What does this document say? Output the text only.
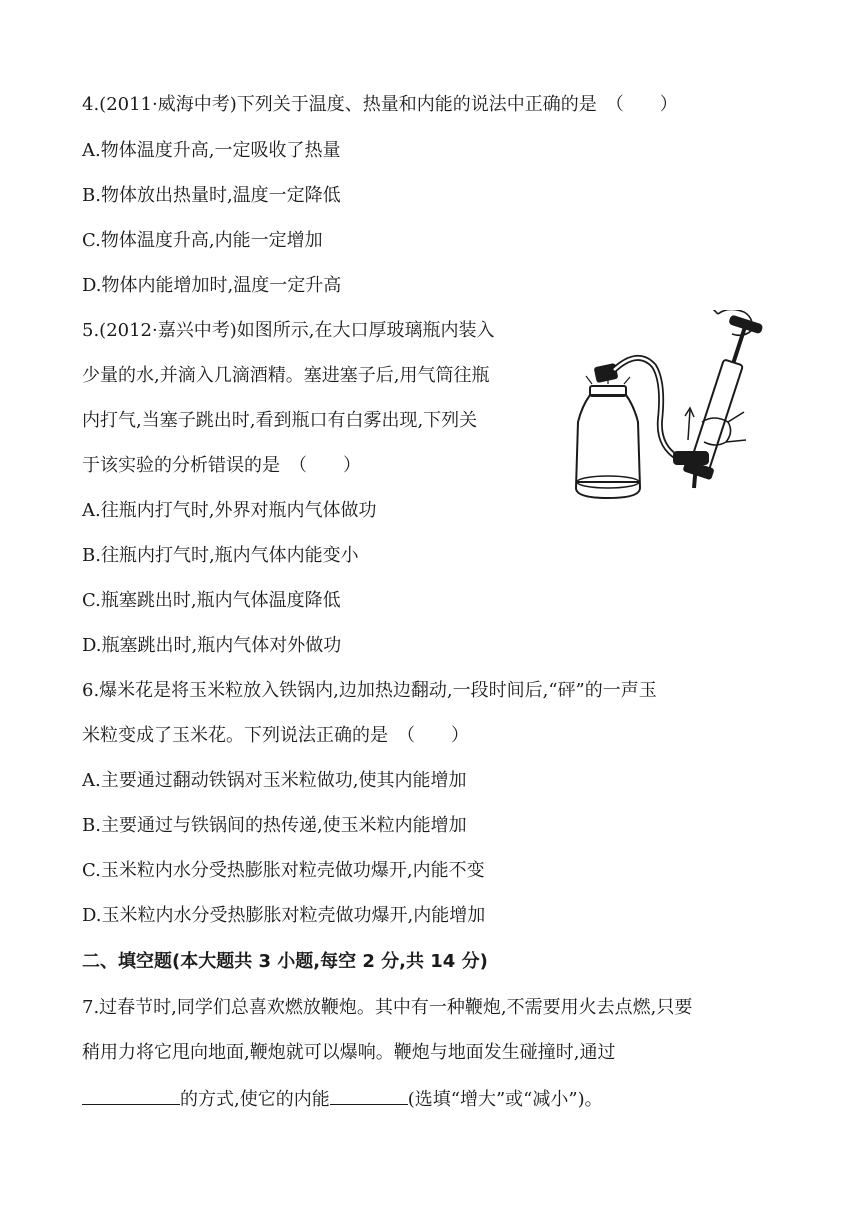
4.(2011·威海中考)下列关于温度、热量和内能的说法中正确的是　（　　）
A.物体温度升高,一定吸收了热量
B.物体放出热量时,温度一定降低
C.物体温度升高,内能一定增加
D.物体内能增加时,温度一定升高
5.(2012·嘉兴中考)如图所示,在大口厚玻璃瓶内装入
少量的水,并滴入几滴酒精。塞进塞子后,用气筒往瓶
内打气,当塞子跳出时,看到瓶口有白雾出现,下列关
于该实验的分析错误的是　（　　）
A.往瓶内打气时,外界对瓶内气体做功
B.往瓶内打气时,瓶内气体内能变小
C.瓶塞跳出时,瓶内气体温度降低
D.瓶塞跳出时,瓶内气体对外做功
6.爆米花是将玉米粒放入铁锅内,边加热边翻动,一段时间后,“砰”的一声玉
米粒变成了玉米花。下列说法正确的是　（　　）
A.主要通过翻动铁锅对玉米粒做功,使其内能增加
B.主要通过与铁锅间的热传递,使玉米粒内能增加
C.玉米粒内水分受热膨胀对粒壳做功爆开,内能不变
D.玉米粒内水分受热膨胀对粒壳做功爆开,内能增加
二、填空题(本大题共 3 小题,每空 2 分,共 14 分)
7.过春节时,同学们总喜欢燃放鞭炮。其中有一种鞭炮,不需要用火去点燃,只要
稍用力将它甩向地面,鞭炮就可以爆响。鞭炮与地面发生碰撞时,通过
的方式,使它的内能	(选填“增大”或“减小”)。
